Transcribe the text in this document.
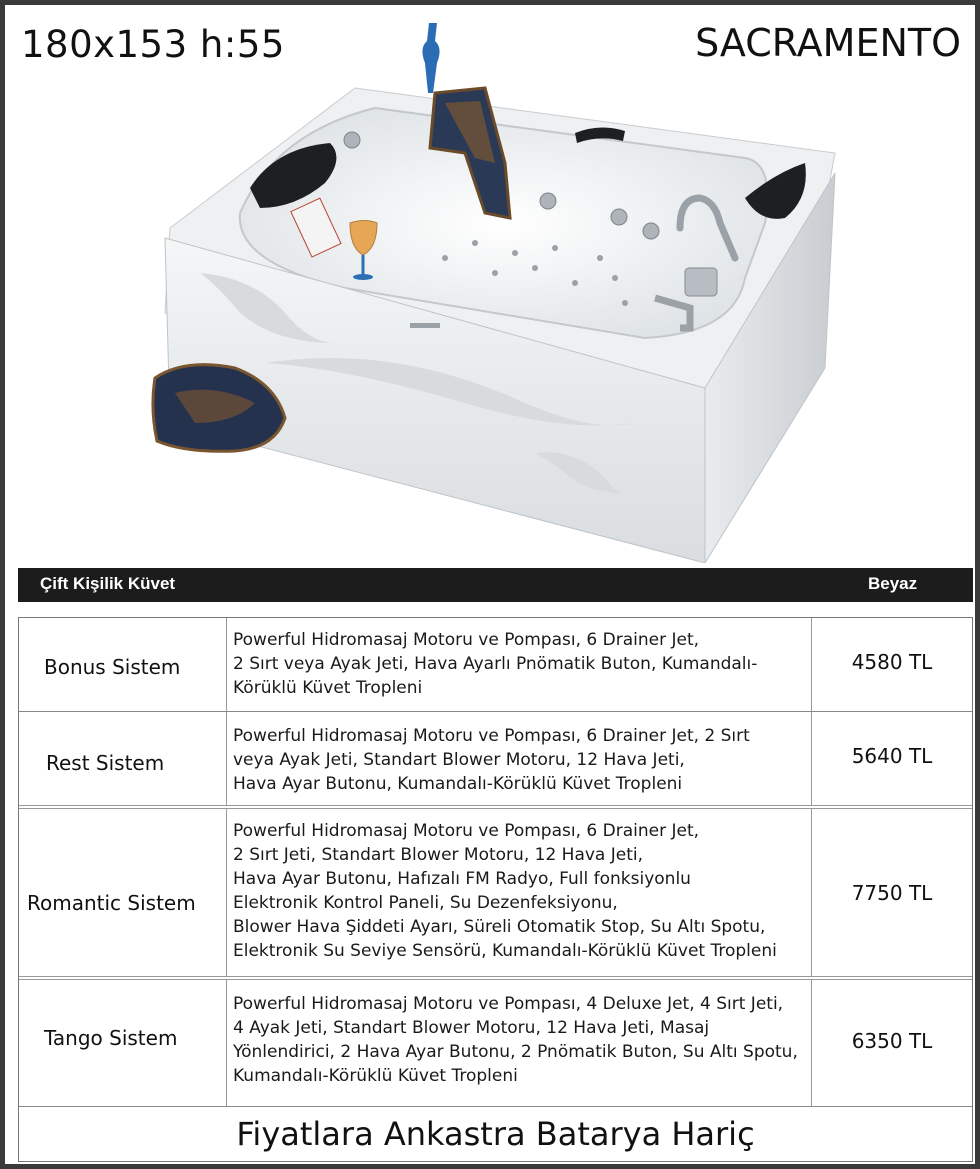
180x153 h:55	SACRAMENTO
Çift Kişilik Küvet	Beyaz
Bonus Sistem
Powerful Hidromasaj Motoru ve Pompası, 6 Drainer Jet,
2 Sırt veya Ayak Jeti, Hava Ayarlı Pnömatik Buton, Kumandalı-
Körüklü Küvet Tropleni
4580 TL
Rest Sistem
Powerful Hidromasaj Motoru ve Pompası, 6 Drainer Jet, 2 Sırt
veya Ayak Jeti, Standart Blower Motoru, 12 Hava Jeti,
Hava Ayar Butonu, Kumandalı-Körüklü Küvet Tropleni
5640 TL
Romantic Sistem
Powerful Hidromasaj Motoru ve Pompası, 6 Drainer Jet,
2 Sırt Jeti, Standart Blower Motoru, 12 Hava Jeti,
Hava Ayar Butonu, Hafızalı FM Radyo, Full fonksiyonlu
Elektronik Kontrol Paneli, Su Dezenfeksiyonu,
Blower Hava Şiddeti Ayarı, Süreli Otomatik Stop, Su Altı Spotu,
Elektronik Su Seviye Sensörü, Kumandalı-Körüklü Küvet Tropleni
7750 TL
Tango Sistem
Powerful Hidromasaj Motoru ve Pompası, 4 Deluxe Jet, 4 Sırt Jeti,
4 Ayak Jeti, Standart Blower Motoru, 12 Hava Jeti, Masaj
Yönlendirici, 2 Hava Ayar Butonu, 2 Pnömatik Buton, Su Altı Spotu,
Kumandalı-Körüklü Küvet Tropleni
6350 TL
Fiyatlara Ankastra Batarya Hariç
